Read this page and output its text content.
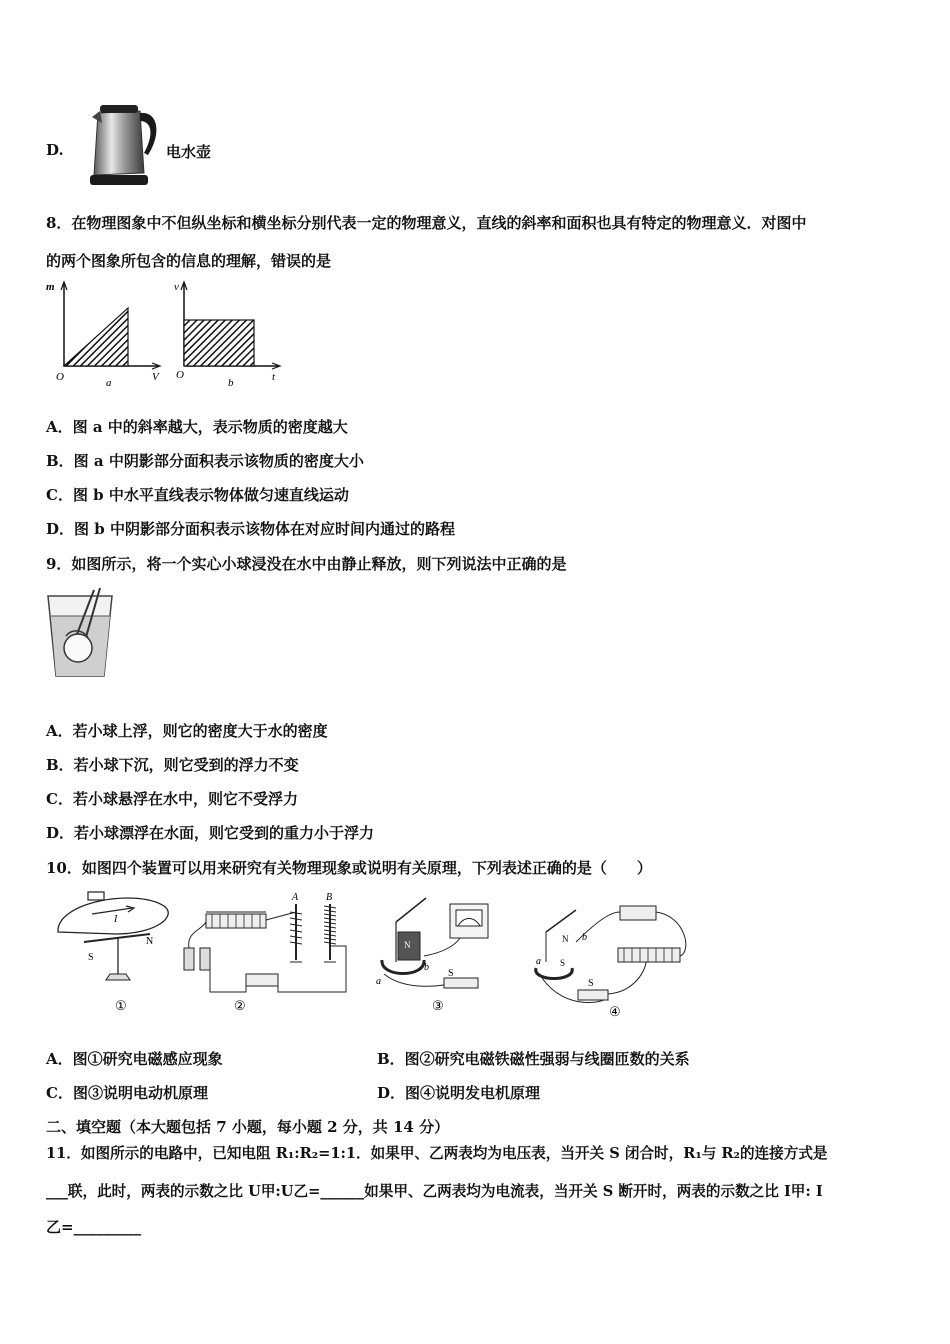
D.	电水壶
8．在物理图象中不但纵坐标和横坐标分别代表一定的物理意义，直线的斜率和面积也具有特定的物理意义．对图中
的两个图象所包含的信息的理解，错误的是
m
O	V
a
v
O	t
b
A．图 a 中的斜率越大，表示物质的密度越大
B．图 a 中阴影部分面积表示该物质的密度大小
C．图 b 中水平直线表示物体做匀速直线运动
D．图 b 中阴影部分面积表示该物体在对应时间内通过的路程
9．如图所示，将一个实心小球浸没在水中由静止释放，则下列说法中正确的是
A．若小球上浮，则它的密度大于水的密度
B．若小球下沉，则它受到的浮力不变
C．若小球悬浮在水中，则它不受浮力
D．若小球漂浮在水面，则它受到的重力小于浮力
10．如图四个装置可以用来研究有关物理现象或说明有关原理，下列表述正确的是（　　）
I
S
N
①
A	B
②
N
a
b
S
③
N
S
a
b
S
④
A．图①研究电磁感应现象	B．图②研究电磁铁磁性强弱与线圈匝数的关系
C．图③说明电动机原理	D．图④说明发电机原理
二、填空题（本大题包括 7 小题，每小题 2 分，共 14 分）
11．如图所示的电路中，已知电阻 R₁:R₂=1:1．如果甲、乙两表均为电压表，当开关 S 闭合时，R₁与 R₂的连接方式是
___联，此时，两表的示数之比 U甲:U乙=______如果甲、乙两表均为电流表，当开关 S 断开时，两表的示数之比 I甲: I
乙=_________
